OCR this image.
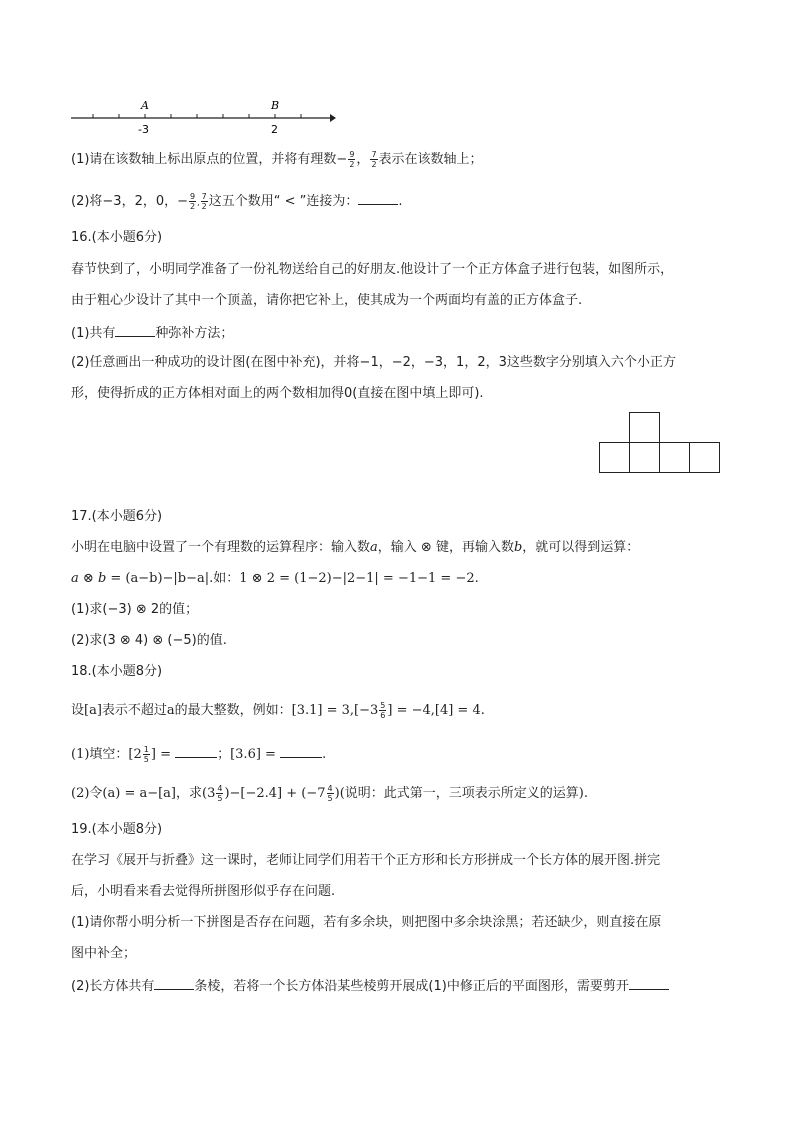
A	B
-3	2
(1)请在该数轴上标出原点的位置，并将有理数− $\frac{9}{2}$ ， $\frac{7}{2}$ 表示在该数轴上；
(2)将−3，2，0，− $\frac{9}{2}$ , $\frac{7}{2}$ 这五个数用“ < ”连接为：	.
16.(本小题6分)
春节快到了，小明同学准备了一份礼物送给自己的好朋友.他设计了一个正方体盒子进行包装，如图所示，
由于粗心少设计了其中一个顶盖，请你把它补上，使其成为一个两面均有盖的正方体盒子.
(1)共有	种弥补方法；
(2)任意画出一种成功的设计图(在图中补充)，并将−1，−2，−3，1，2，3这些数字分别填入六个小正方
形，使得折成的正方体相对面上的两个数相加得0(直接在图中填上即可).
17.(本小题6分)
小明在电脑中设置了一个有理数的运算程序：输入数a，输入 ⊗ 键，再输入数b，就可以得到运算：
a ⊗ b = (a−b)−|b−a|.如：1 ⊗ 2 = (1−2)−|2−1| = −1−1 = −2.
(1)求(−3) ⊗ 2的值；
(2)求(3 ⊗ 4) ⊗ (−5)的值.
18.(本小题8分)
设[a]表示不超过a的最大整数，例如：$[3.1] = 3,[-3 \frac{5}{6}$ ] = −4,[4] = 4.
(1)填空：[$2 \frac{1}{5}$ ] =	；[3.6] =	.
(2)令(a) = a−[a]，求$(3 \frac{4}{5} )-[-2.4] + (-7 \frac{4}{5}$ )(说明：此式第一，三项表示所定义的运算).
19.(本小题8分)
在学习《展开与折叠》这一课时，老师让同学们用若干个正方形和长方形拼成一个长方体的展开图.拼完
后，小明看来看去觉得所拼图形似乎存在问题.
(1)请你帮小明分析一下拼图是否存在问题，若有多余块，则把图中多余块涂黑；若还缺少，则直接在原
图中补全；
(2)长方体共有	条棱，若将一个长方体沿某些棱剪开展成(1)中修正后的平面图形，需要剪开
